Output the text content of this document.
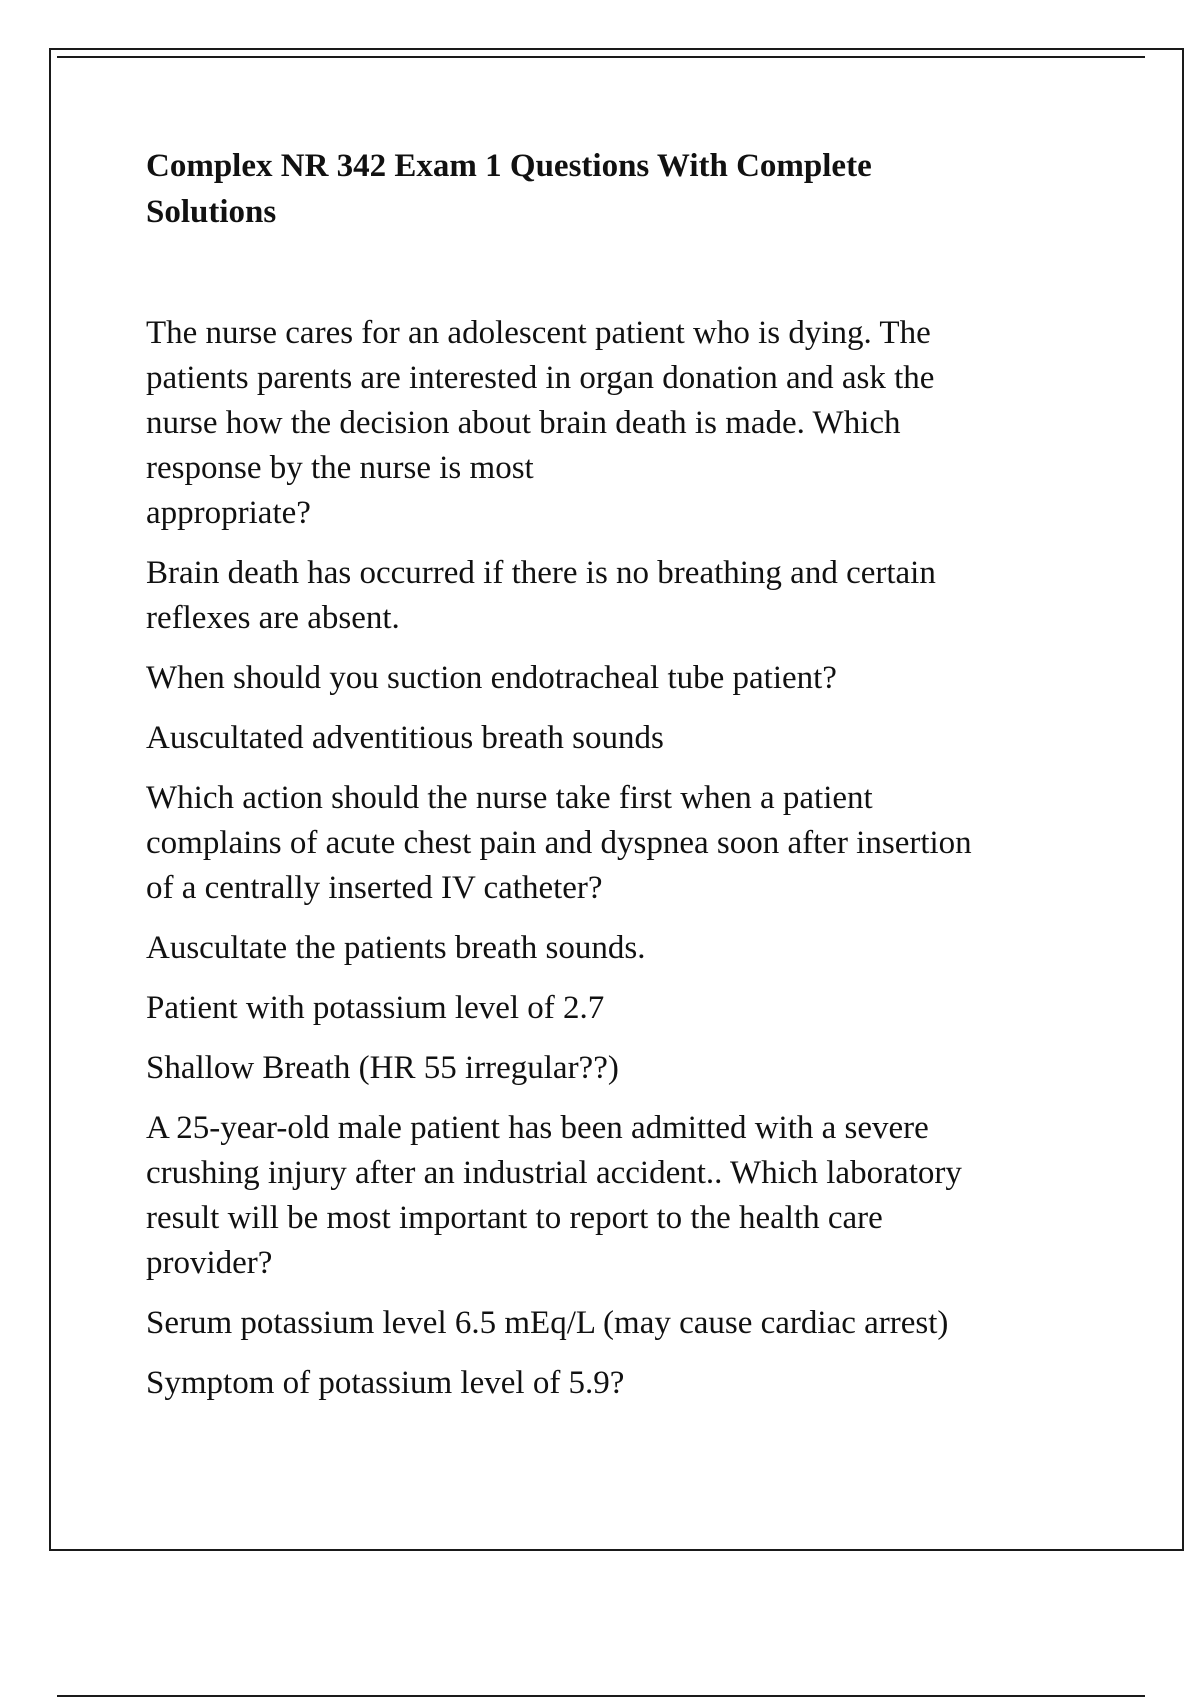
Complex NR 342 Exam 1 Questions With Complete
Solutions

The nurse cares for an adolescent patient who is dying. The
patients parents are interested in organ donation and ask the
nurse how the decision about brain death is made. Which
response by the nurse is most
appropriate?

Brain death has occurred if there is no breathing and certain
reflexes are absent.

When should you suction endotracheal tube patient?

Auscultated adventitious breath sounds

Which action should the nurse take first when a patient
complains of acute chest pain and dyspnea soon after insertion
of a centrally inserted IV catheter?

Auscultate the patients breath sounds.

Patient with potassium level of 2.7

Shallow Breath (HR 55 irregular??)

A 25-year-old male patient has been admitted with a severe
crushing injury after an industrial accident.. Which laboratory
result will be most important to report to the health care
provider?

Serum potassium level 6.5 mEq/L (may cause cardiac arrest)

Symptom of potassium level of 5.9?
